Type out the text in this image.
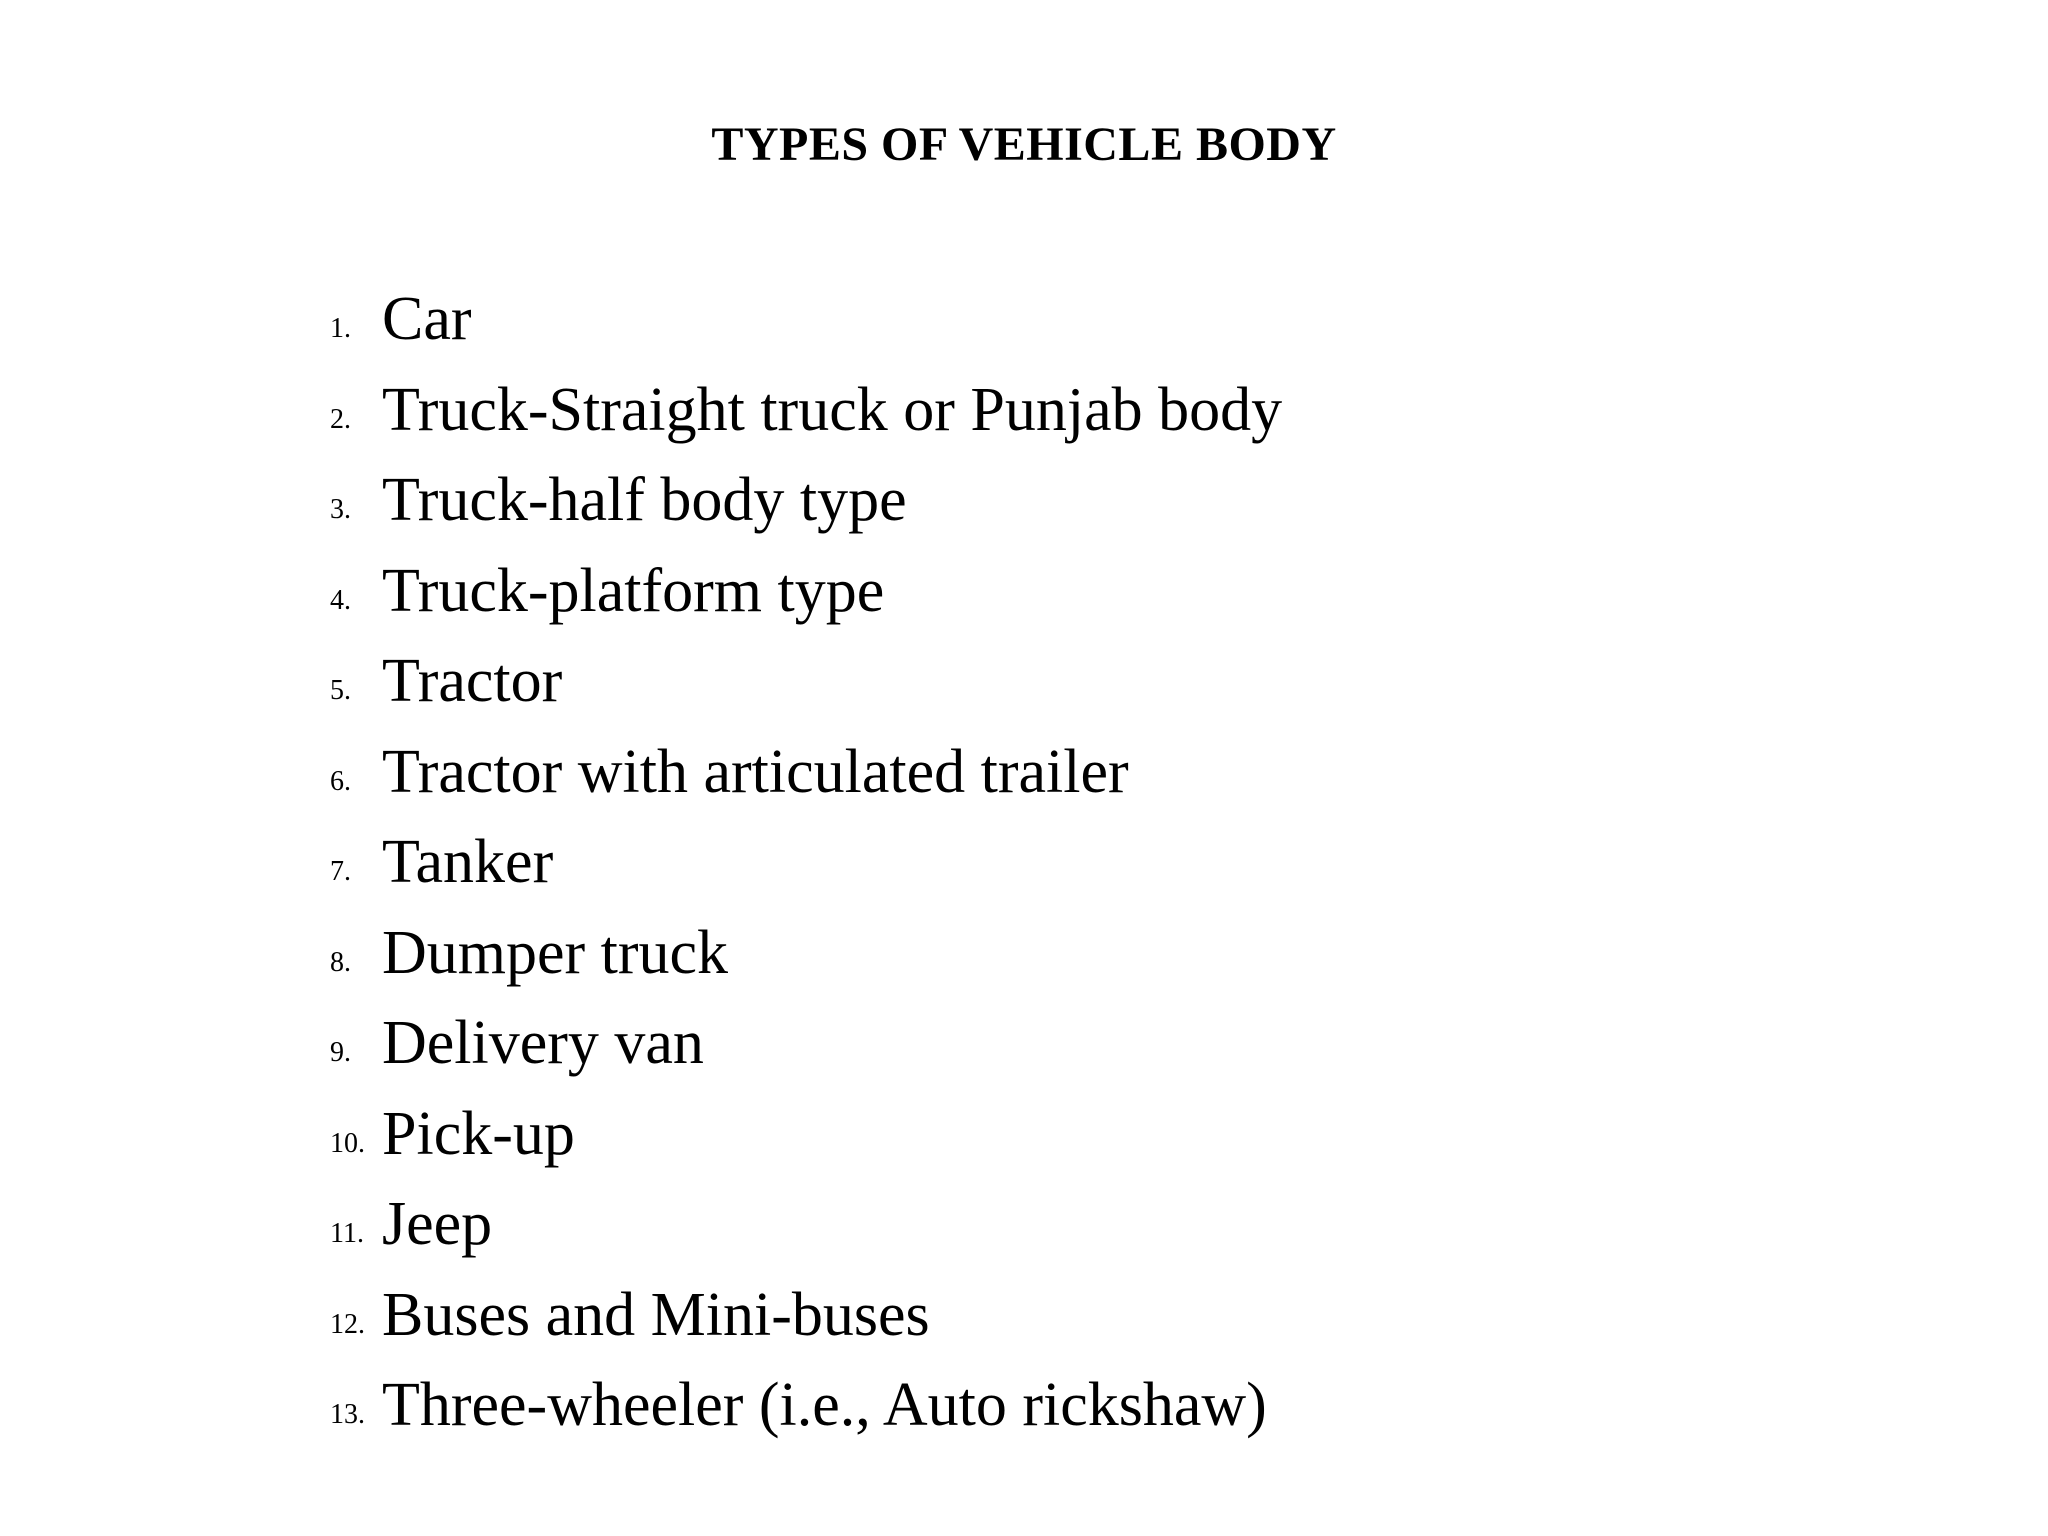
TYPES OF VEHICLE BODY
1. Car
2. Truck-Straight truck or Punjab body
3. Truck-half body type
4. Truck-platform type
5. Tractor
6. Tractor with articulated trailer
7. Tanker
8. Dumper truck
9. Delivery van
10. Pick-up
11. Jeep
12. Buses and Mini-buses
13. Three-wheeler (i.e., Auto rickshaw)
